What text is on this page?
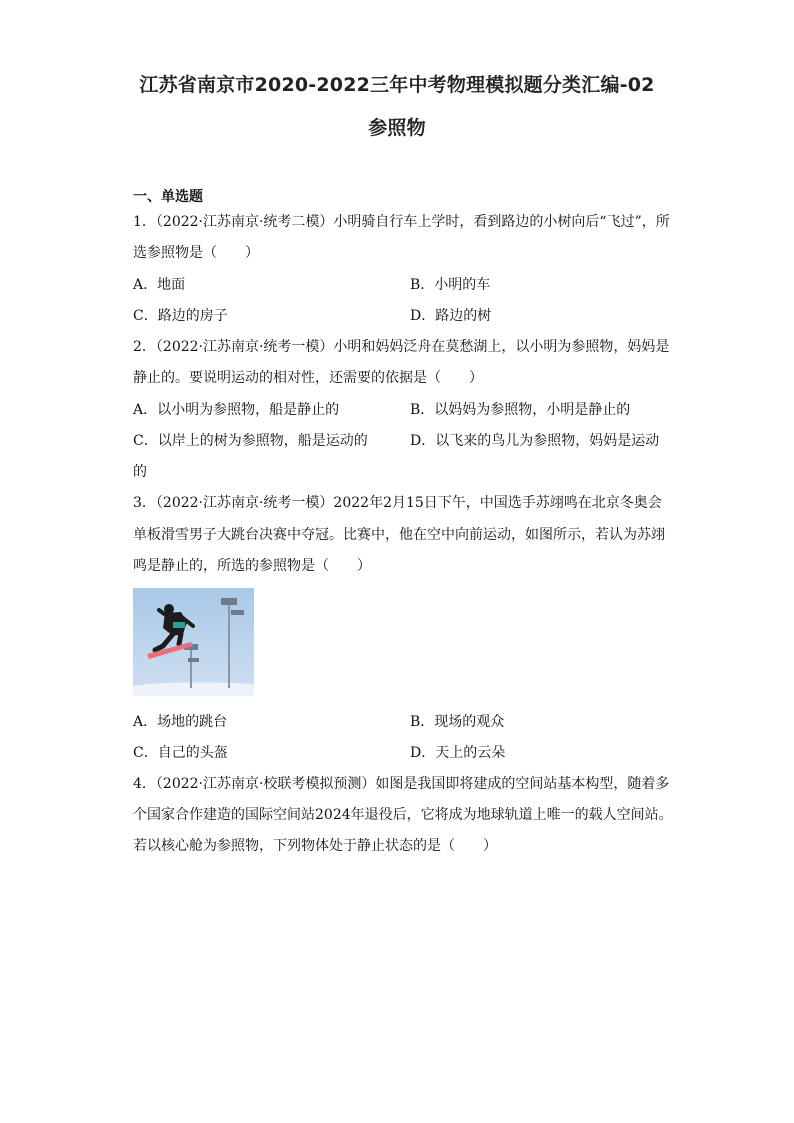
江苏省南京市2020-2022三年中考物理模拟题分类汇编-02
参照物
一、单选题
1．（2022·江苏南京·统考二模）小明骑自行车上学时，看到路边的小树向后“飞过”，所
选参照物是（　　）
A．地面	B．小明的车
C．路边的房子	D．路边的树
2．（2022·江苏南京·统考一模）小明和妈妈泛舟在莫愁湖上，以小明为参照物，妈妈是
静止的。要说明运动的相对性，还需要的依据是（　　）
A．以小明为参照物，船是静止的	B．以妈妈为参照物，小明是静止的
C．以岸上的树为参照物，船是运动的	D．以飞来的鸟儿为参照物，妈妈是运动
的
3．（2022·江苏南京·统考一模）2022年2月15日下午，中国选手苏翊鸣在北京冬奥会
单板滑雪男子大跳台决赛中夺冠。比赛中，他在空中向前运动，如图所示，若认为苏翊
鸣是静止的，所选的参照物是（　　）
A．场地的跳台	B．现场的观众
C．自己的头盔	D．天上的云朵
4．（2022·江苏南京·校联考模拟预测）如图是我国即将建成的空间站基本构型，随着多
个国家合作建造的国际空间站2024年退役后，它将成为地球轨道上唯一的载人空间站。
若以核心舱为参照物，下列物体处于静止状态的是（　　）
